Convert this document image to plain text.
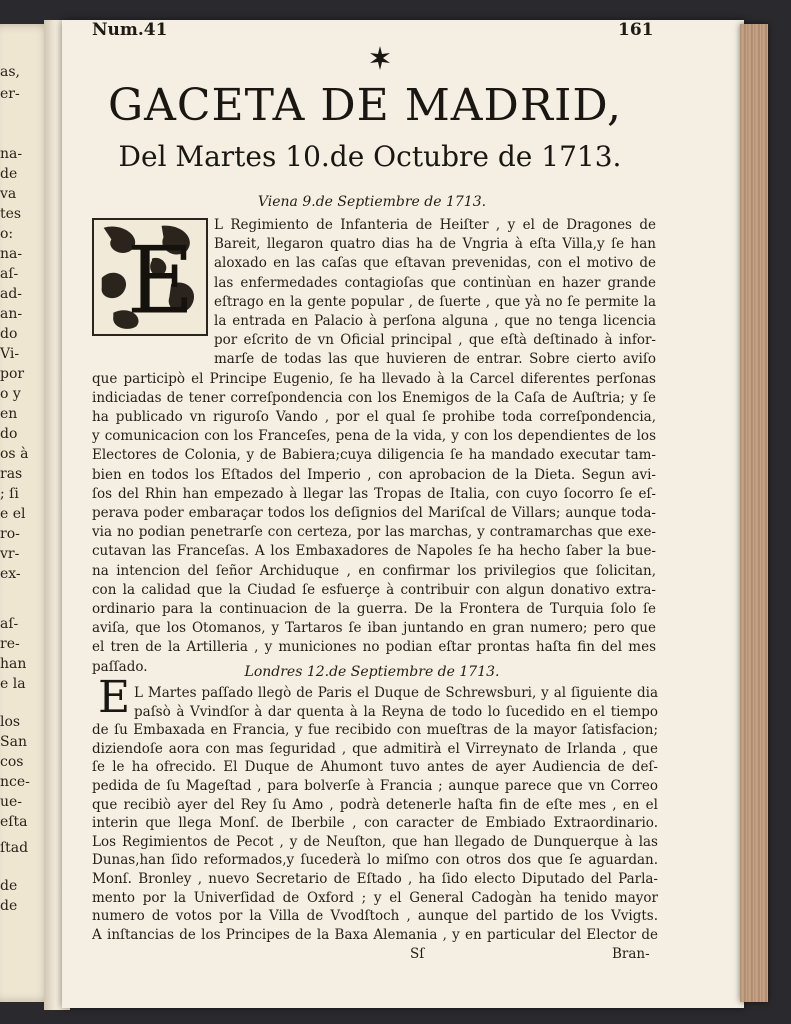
as,
er-
na-
de
va
tes
o:
na-
aſ-
ad-
an-
do
Vi-
por
o y
en
do
os à
ras
; ſi
e el
ro-
vr-
ex-
aſ-
re-
han
e la
los
San
cos
nce-
ue-
eſta
ſtad
de
de
Num.41	161
GACETA DE MADRID,
Del Martes 10.de Octubre de 1713.
Viena 9.de Septiembre de 1713.
E
L Regimiento de Infanteria de Heiſter , y el de Dragones de
Bareit, llegaron quatro dias ha de Vngria à eſta Villa,y ſe han
aloxado en las caſas que eſtavan prevenidas, con el motivo de
las enfermedades contagioſas que continùan en hazer grande
eſtrago en la gente popular , de ſuerte , que yà no ſe permite la
la entrada en Palacio à perſona alguna , que no tenga licencia
por eſcrito de vn Oficial principal , que eſtà deſtinado à infor-
marſe de todas las que huvieren de entrar. Sobre cierto aviſo
que participò el Principe Eugenio, ſe ha llevado à la Carcel diferentes perſonas
indiciadas de tener correſpondencia con los Enemigos de la Caſa de Auſtria; y ſe
ha publicado vn riguroſo Vando , por el qual ſe prohibe toda correſpondencia,
y comunicacion con los Franceſes, pena de la vida, y con los dependientes de los
Electores de Colonia, y de Babiera;cuya diligencia ſe ha mandado executar tam-
bien en todos los Eſtados del Imperio , con aprobacion de la Dieta. Segun avi-
ſos del Rhin han empezado à llegar las Tropas de Italia, con cuyo ſocorro ſe eſ-
perava poder embaraçar todos los deſignios del Mariſcal de Villars; aunque toda-
via no podian penetrarſe con certeza, por las marchas, y contramarchas que exe-
cutavan las Franceſas. A los Embaxadores de Napoles ſe ha hecho ſaber la bue-
na intencion del ſeñor Archiduque , en confirmar los privilegios que ſolicitan,
con la calidad que la Ciudad ſe esfuerçe à contribuir con algun donativo extra-
ordinario para la continuacion de la guerra. De la Frontera de Turquia ſolo ſe
aviſa, que los Otomanos, y Tartaros ſe iban juntando en gran numero; pero que
el tren de la Artilleria , y municiones no podian eſtar prontas haſta fin del mes
paſſado.	Londres 12.de Septiembre de 1713.
E L Martes paſſado llegò de Paris el Duque de Schrewsburi, y al ſiguiente dia
paſsò à Vvindſor à dar quenta à la Reyna de todo lo ſucedido en el tiempo
de ſu Embaxada en Francia, y fue recibido con mueſtras de la mayor ſatisfacion;
diziendoſe aora con mas ſeguridad , que admitirà el Virreynato de Irlanda , que
ſe le ha ofrecido. El Duque de Ahumont tuvo antes de ayer Audiencia de deſ-
pedida de ſu Mageſtad , para bolverſe à Francia ; aunque parece que vn Correo
que recibiò ayer del Rey ſu Amo , podrà detenerle haſta fin de eſte mes , en el
interin que llega Monſ. de Iberbile , con caracter de Embiado Extraordinario.
Los Regimientos de Pecot , y de Neuſton, que han llegado de Dunquerque à las
Dunas,han ſido reformados,y ſucederà lo miſmo con otros dos que ſe aguardan.
Monſ. Bronley , nuevo Secretario de Eſtado , ha ſido electo Diputado del Parla-
mento por la Univerſidad de Oxford ; y el General Cadogàn ha tenido mayor
numero de votos por la Villa de Vvodſtoch , aunque del partido de los Vvigts.
A inſtancias de los Principes de la Baxa Alemania , y en particular del Elector de
Sſ	Bran-
